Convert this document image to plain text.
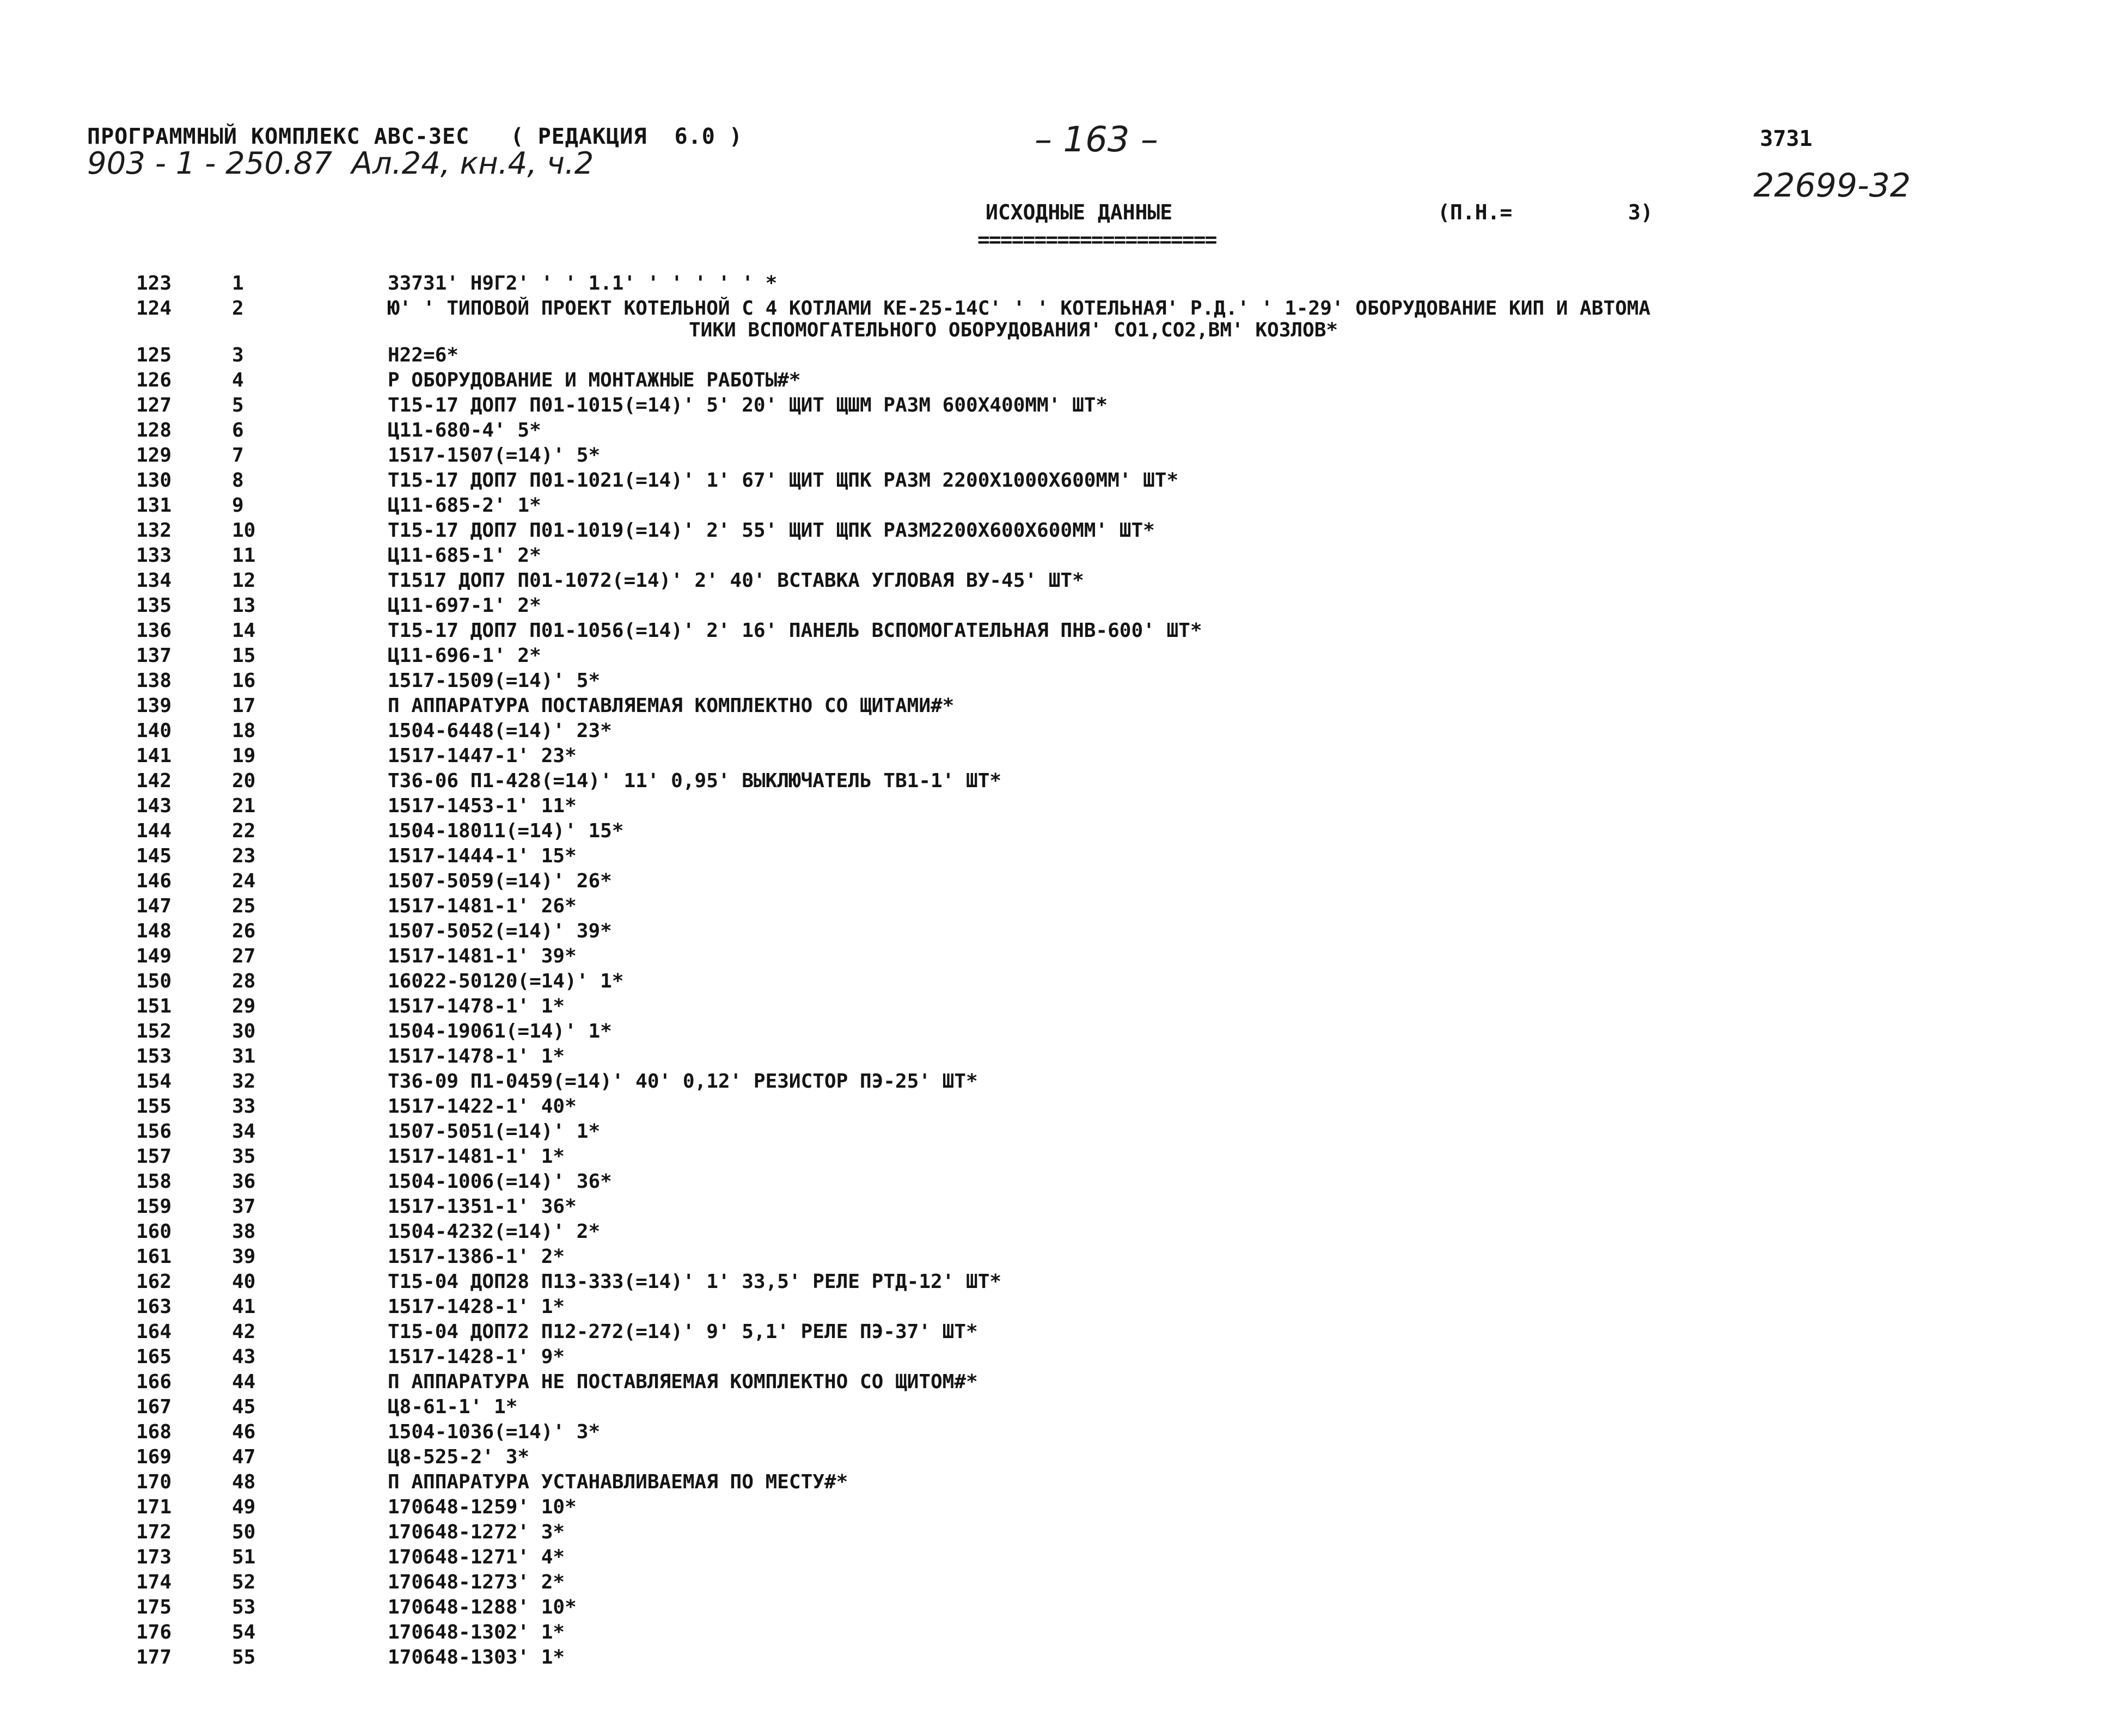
ПРОГРАММНЫЙ КОМПЛЕКС АВС-ЗЕС   ( РЕДАКЦИЯ  6.0 )
903 - 1 - 250.87  Ал.24, кн.4, ч.2
– 163 –	3731
22699-32
ИСХОДНЫЕ ДАННЫЕ
=====================
(П.Н.=	3)
123	1	33731' Н9Г2' ' ' 1.1' ' ' ' ' ' *
124	2	Ю' ' ТИПОВОЙ ПРОЕКТ КОТЕЛЬНОЙ С 4 КОТЛАМИ КЕ-25-14С' ' ' КОТЕЛЬНАЯ' Р.Д.' ' 1-29' ОБОРУДОВАНИЕ КИП И АВТОМА
ТИКИ ВСПОМОГАТЕЛЬНОГО ОБОРУДОВАНИЯ' СО1,СО2,ВМ' КОЗЛОВ*
125	3	Н22=6*
126	4	Р ОБОРУДОВАНИЕ И МОНТАЖНЫЕ РАБОТЫ#*
127	5	Т15-17 ДОП7 П01-1015(=14)' 5' 20' ЩИТ ЩШМ РАЗМ 600Х400ММ' ШТ*
128	6	Ц11-680-4' 5*
129	7	1517-1507(=14)' 5*
130	8	Т15-17 ДОП7 П01-1021(=14)' 1' 67' ЩИТ ЩПК РАЗМ 2200Х1000Х600ММ' ШТ*
131	9	Ц11-685-2' 1*
132	10	Т15-17 ДОП7 П01-1019(=14)' 2' 55' ЩИТ ЩПК РАЗМ2200Х600Х600ММ' ШТ*
133	11	Ц11-685-1' 2*
134	12	Т1517 ДОП7 П01-1072(=14)' 2' 40' ВСТАВКА УГЛОВАЯ ВУ-45' ШТ*
135	13	Ц11-697-1' 2*
136	14	Т15-17 ДОП7 П01-1056(=14)' 2' 16' ПАНЕЛЬ ВСПОМОГАТЕЛЬНАЯ ПНВ-600' ШТ*
137	15	Ц11-696-1' 2*
138	16	1517-1509(=14)' 5*
139	17	П АППАРАТУРА ПОСТАВЛЯЕМАЯ КОМПЛЕКТНО СО ЩИТАМИ#*
140	18	1504-6448(=14)' 23*
141	19	1517-1447-1' 23*
142	20	Т36-06 П1-428(=14)' 11' 0,95' ВЫКЛЮЧАТЕЛЬ ТВ1-1' ШТ*
143	21	1517-1453-1' 11*
144	22	1504-18011(=14)' 15*
145	23	1517-1444-1' 15*
146	24	1507-5059(=14)' 26*
147	25	1517-1481-1' 26*
148	26	1507-5052(=14)' 39*
149	27	1517-1481-1' 39*
150	28	16022-50120(=14)' 1*
151	29	1517-1478-1' 1*
152	30	1504-19061(=14)' 1*
153	31	1517-1478-1' 1*
154	32	Т36-09 П1-0459(=14)' 40' 0,12' РЕЗИСТОР ПЭ-25' ШТ*
155	33	1517-1422-1' 40*
156	34	1507-5051(=14)' 1*
157	35	1517-1481-1' 1*
158	36	1504-1006(=14)' 36*
159	37	1517-1351-1' 36*
160	38	1504-4232(=14)' 2*
161	39	1517-1386-1' 2*
162	40	Т15-04 ДОП28 П13-333(=14)' 1' 33,5' РЕЛЕ РТД-12' ШТ*
163	41	1517-1428-1' 1*
164	42	Т15-04 ДОП72 П12-272(=14)' 9' 5,1' РЕЛЕ ПЭ-37' ШТ*
165	43	1517-1428-1' 9*
166	44	П АППАРАТУРА НЕ ПОСТАВЛЯЕМАЯ КОМПЛЕКТНО СО ЩИТОМ#*
167	45	Ц8-61-1' 1*
168	46	1504-1036(=14)' 3*
169	47	Ц8-525-2' 3*
170	48	П АППАРАТУРА УСТАНАВЛИВАЕМАЯ ПО МЕСТУ#*
171	49	170648-1259' 10*
172	50	170648-1272' 3*
173	51	170648-1271' 4*
174	52	170648-1273' 2*
175	53	170648-1288' 10*
176	54	170648-1302' 1*
177	55	170648-1303' 1*
